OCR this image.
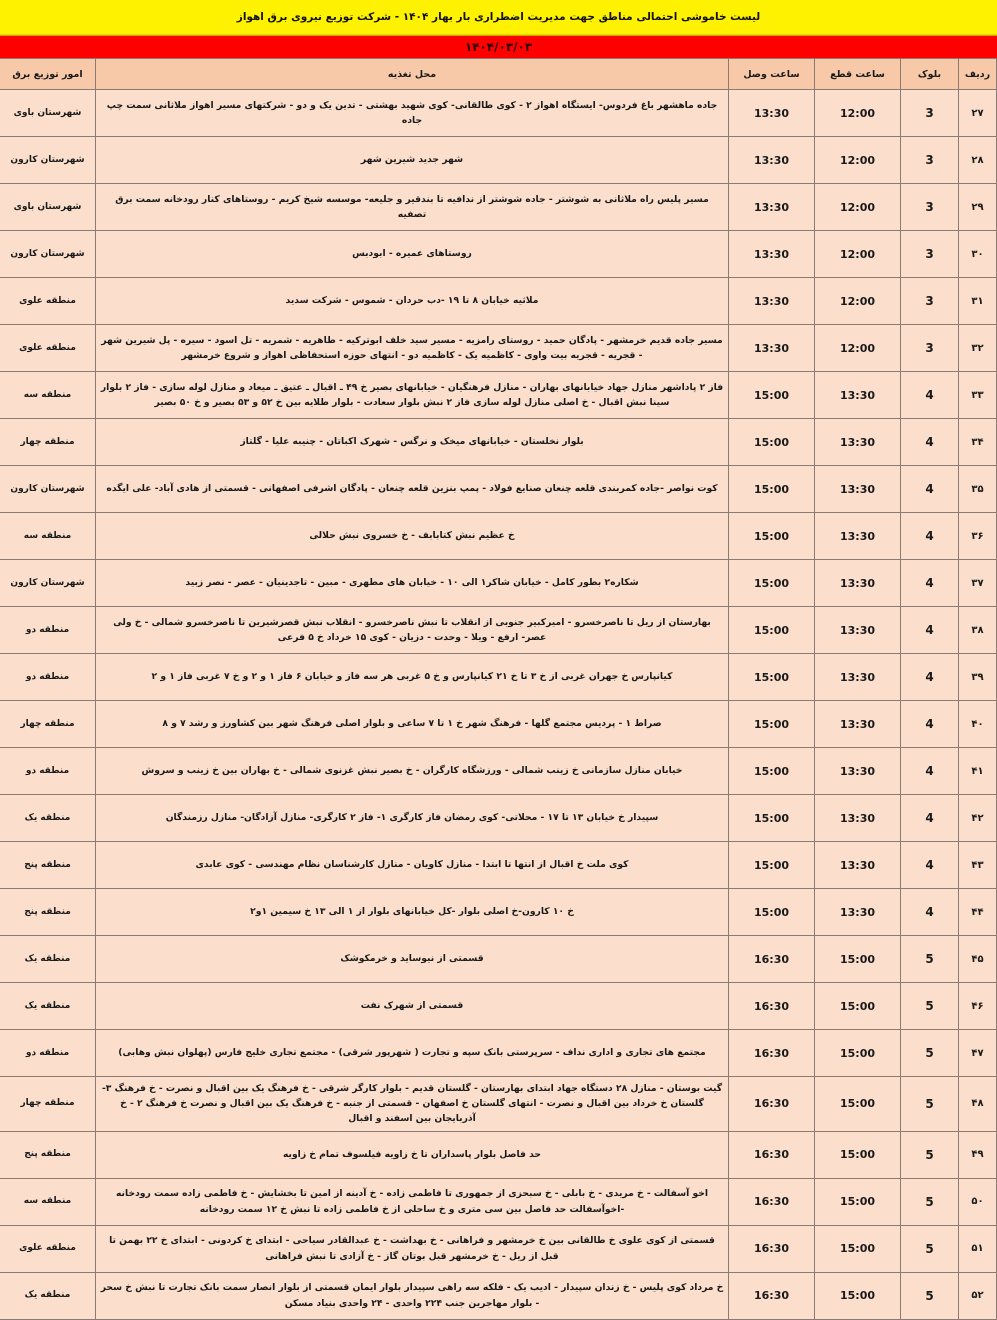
لیست خاموشی احتمالی مناطق جهت مدیریت اضطراری بار بهار ۱۴۰۴ - شرکت توزیع نیروی برق اهواز
۱۴۰۴/۰۳/۰۳
ردیف	بلوک	ساعت قطع	ساعت وصل	محل تغذیه	امور توزیع برق
۲۷	3	12:00	13:30	جاده ماهشهر باغ فردوس- ایستگاه اهواز ۲ - کوی طالقانی- کوی شهید بهشتی - تدین یک و دو - شرکتهای مسیر اهواز ملاثانی سمت چپ جاده	شهرستان باوی
۲۸	3	12:00	13:30	شهر جدید شیرین شهر	شهرستان کارون
۲۹	3	12:00	13:30	مسیر پلیس راه ملاثانی به شوشتر - جاده شوشتر از ندافیه تا بندقیر و جلیعه- موسسه شیخ کریم - روستاهای کنار رودخانه سمت برق تصفیه	شهرستان باوی
۳۰	3	12:00	13:30	روستاهای عمیره - ابودبس	شهرستان کارون
۳۱	3	12:00	13:30	ملاثیه خیابان ۸ تا ۱۹ -دب حردان - شموس - شرکت سدید	منطقه علوی
۳۲	3	12:00	13:30	مسیر جاده قدیم خرمشهر - پادگان حمید - روستای رامزیه - مسیر سید خلف ابوترکیه - طاهریه - شمریه - تل اسود - سیره - پل شیرین شهر - قجریه - قجریه بیت واوی - کاظمیه یک - کاظمیه دو - انتهای حوزه استحفاظی اهواز و شروع خرمشهر	منطقه علوی
۳۳	4	13:30	15:00	فاز ۲ پاداشهر منازل جهاد خیابانهای بهاران - منازل فرهنگیان - خیابانهای بصیر خ ۴۹ ـ اقبال ـ عتیق ـ میعاد و منازل لوله سازی - فاز ۲ بلوار سینا نبش اقبال - خ اصلی منازل لوله سازی فاز ۲ نبش بلوار سعادت - بلوار طلایه بین خ ۵۲ و ۵۳ بصیر و خ ۵۰ بصیر	منطقه سه
۳۴	4	13:30	15:00	بلوار نخلستان - خیابانهای میخک و نرگس - شهرک اکباتان - چنیبه علیا - گلتاز	منطقه چهار
۳۵	4	13:30	15:00	کوت نواصر -جاده کمربندی قلعه چنعان صنایع فولاد - پمپ بنزین قلعه چنعان - پادگان اشرفی اصفهانی - قسمتی از هادی آباد- علی ایگده	شهرستان کارون
۳۶	4	13:30	15:00	خ عظیم نبش کتابابف - خ خسروی نبش حلالی	منطقه سه
۳۷	4	13:30	15:00	شکاره۲ بطور کامل - خیابان شاکر۱ الی ۱۰ - خیابان های مطهری - مبین - تاجدینیان - عصر - نصر زبید	شهرستان کارون
۳۸	4	13:30	15:00	بهارستان از ریل تا ناصرخسرو - امیرکبیر جنوبی از انقلاب تا نبش ناصرخسرو - انقلاب نبش قصرشیرین تا ناصرخسرو شمالی - خ ولی عصر- ارفع - ویلا - وحدت - دزیان - کوی ۱۵ خرداد خ ۵ فرعی	منطقه دو
۳۹	4	13:30	15:00	کیانپارس خ جهران غربی از خ ۳ تا خ ۲۱ کیانپارس و خ ۵ غربی هر سه فاز و خیابان ۶ فاز ۱ و ۲ و خ ۷ غربی فاز ۱ و ۲	منطقه دو
۴۰	4	13:30	15:00	صراط ۱ - پردیس مجتمع گلها - فرهنگ شهر خ ۱ تا ۷ ساعی و بلوار اصلی فرهنگ شهر بین کشاورز و رشد ۷ و ۸	منطقه چهار
۴۱	4	13:30	15:00	خیابان منازل سازمانی خ زینب شمالی - ورزشگاه کارگران - خ بصیر نبش غزنوی شمالی - خ بهاران بین خ زینب و سروش	منطقه دو
۴۲	4	13:30	15:00	سپیدار خ خیابان ۱۳ تا ۱۷ - محلاتی- کوی رمضان فاز کارگری ۱- فاز ۲ کارگری- منازل آزادگان- منازل رزمندگان	منطقه یک
۴۳	4	13:30	15:00	کوی ملت خ اقبال از انتها تا ابتدا - منازل کاویان - منازل کارشناسان نظام مهندسی - کوی عابدی	منطقه پنج
۴۴	4	13:30	15:00	خ ۱۰ کارون-خ اصلی بلوار -کل خیابانهای بلوار از ۱ الی ۱۳ خ سیمین ۱و۲	منطقه پنج
۴۵	5	15:00	16:30	قسمتی از نیوساید و خرمکوشک	منطقه یک
۴۶	5	15:00	16:30	قسمتی از شهرک نفت	منطقه یک
۴۷	5	15:00	16:30	مجتمع های تجاری و اداری نداف - سرپرستی بانک سپه و تجارت ( شهرپور شرقی) - مجتمع تجاری خلیج فارس (پهلوان نبش وهابی)	منطقه دو
۴۸	5	15:00	16:30	گیت بوستان - منازل ۲۸ دستگاه جهاد ابتدای بهارستان - گلستان قدیم - بلوار کارگر شرقی - خ فرهنگ یک بین اقبال و نصرت - خ فرهنگ ۳- گلستان خ خرداد بین اقبال و نصرت - انتهای گلستان خ اصفهان - قسمتی از جنبه - خ فرهنگ یک بین اقبال و نصرت خ فرهنگ ۲ - خ آذربایجان بین اسفند و اقبال	منطقه چهار
۴۹	5	15:00	16:30	حد فاصل بلوار پاسداران تا خ زاویه فیلسوف تمام خ زاویه	منطقه پنج
۵۰	5	15:00	16:30	اخو آسفالت - خ مریدی - خ بابلی - خ سبحزی از جمهوری تا فاطمی زاده - خ آدینه از امین تا بخشایش - خ فاطمی زاده سمت رودخانه -اخوآسفالت حد فاصل بین سی متری و خ ساحلی از خ فاطمی زاده تا نبش خ ۱۲ سمت رودخانه	منطقه سه
۵۱	5	15:00	16:30	قسمتی از کوی علوی خ طالقانی بین خ خرمشهر و فراهانی - خ بهداشت - خ عبدالقادر سیاحی - ابتدای خ کردونی - ابتدای خ ۲۲ بهمن تا قبل از ریل - خ خرمشهر قبل بوتان گاز - خ آزادی تا نبش فراهانی	منطقه علوی
۵۲	5	15:00	16:30	خ مرداد کوی پلیس - خ زندان سپیدار - ادیب یک - فلکه سه راهی سپیدار بلوار ایمان قسمتی از بلوار انصار سمت بانک تجارت تا نبش خ سحر - بلوار مهاجرین جنب ۲۲۴ واحدی - ۲۴ واحدی بنیاد مسکن	منطقه یک
